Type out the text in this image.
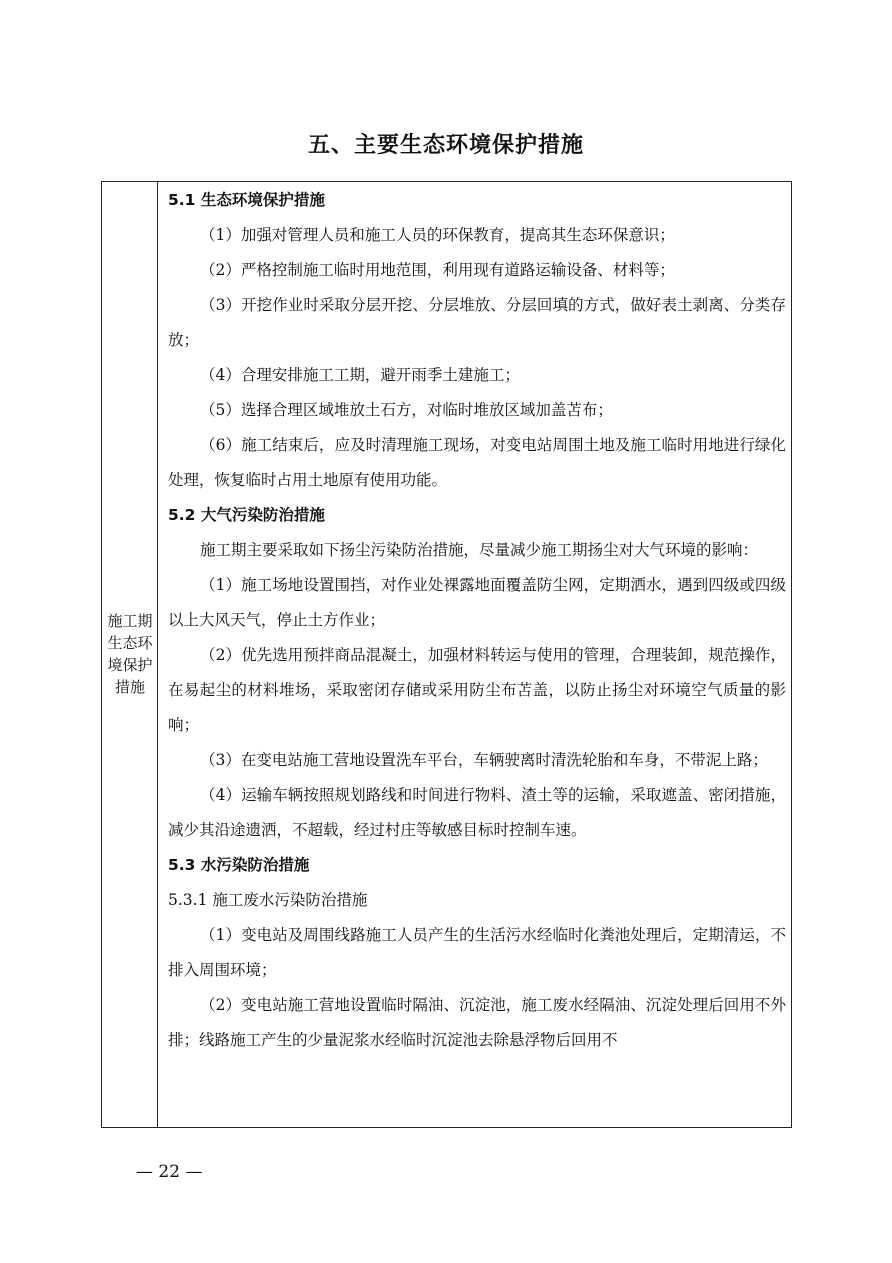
五、主要生态环境保护措施
施工期生态环境保护措施
5.1 生态环境保护措施

（1）加强对管理人员和施工人员的环保教育，提高其生态环保意识；

（2）严格控制施工临时用地范围，利用现有道路运输设备、材料等；

（3）开挖作业时采取分层开挖、分层堆放、分层回填的方式，做好表土剥离、分类存放；

（4）合理安排施工工期，避开雨季土建施工；

（5）选择合理区域堆放土石方，对临时堆放区域加盖苫布；

（6）施工结束后，应及时清理施工现场，对变电站周围土地及施工临时用地进行绿化处理，恢复临时占用土地原有使用功能。

5.2 大气污染防治措施

施工期主要采取如下扬尘污染防治措施，尽量减少施工期扬尘对大气环境的影响：

（1）施工场地设置围挡，对作业处裸露地面覆盖防尘网，定期洒水，遇到四级或四级以上大风天气，停止土方作业；

（2）优先选用预拌商品混凝土，加强材料转运与使用的管理，合理装卸，规范操作，在易起尘的材料堆场，采取密闭存储或采用防尘布苫盖，以防止扬尘对环境空气质量的影响；

（3）在变电站施工营地设置洗车平台，车辆驶离时清洗轮胎和车身，不带泥上路；

（4）运输车辆按照规划路线和时间进行物料、渣土等的运输，采取遮盖、密闭措施，减少其沿途遗洒，不超载，经过村庄等敏感目标时控制车速。

5.3 水污染防治措施
5.3.1 施工废水污染防治措施

（1）变电站及周围线路施工人员产生的生活污水经临时化粪池处理后，定期清运，不排入周围环境；

（2）变电站施工营地设置临时隔油、沉淀池，施工废水经隔油、沉淀处理后回用不外排；线路施工产生的少量泥浆水经临时沉淀池去除悬浮物后回用不

— 22 —
